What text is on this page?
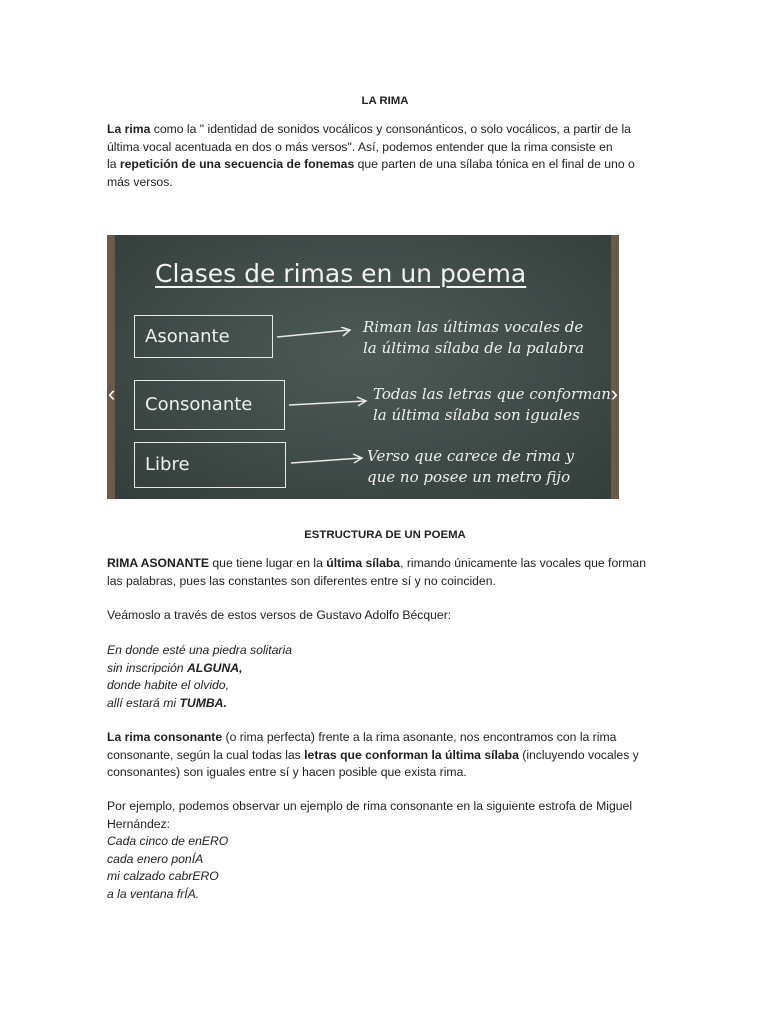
LA RIMA

La rima como la " identidad de sonidos vocálicos y consonánticos, o solo vocálicos, a partir de la
última vocal acentuada en dos o más versos". Así, podemos entender que la rima consiste en
la repetición de una secuencia de fonemas que parten de una sílaba tónica en el final de uno o
más versos.

‹	›
Clases de rimas en un poema
Asonante	Riman las últimas vocales de
la última sílaba de la palabra
Consonante	Todas las letras que conforman
la última sílaba son iguales
Libre	Verso que carece de rima y
que no posee un metro fijo
ESTRUCTURA DE UN POEMA

RIMA ASONANTE que tiene lugar en la última sílaba, rimando únicamente las vocales que forman
las palabras, pues las constantes son diferentes entre sí y no coinciden.

Veámoslo a través de estos versos de Gustavo Adolfo Bécquer:

En donde esté una piedra solitaria
sin inscripción ALGUNA,
donde habite el olvido,
allí estará mi TUMBA.

La rima consonante (o rima perfecta) frente a la rima asonante, nos encontramos con la rima
consonante, según la cual todas las letras que conforman la última sílaba (incluyendo vocales y
consonantes) son iguales entre sí y hacen posible que exista rima.

Por ejemplo, podemos observar un ejemplo de rima consonante en la siguiente estrofa de Miguel
Hernández:
Cada cinco de enERO
cada enero ponÍA
mi calzado cabrERO
a la ventana frÍA.
